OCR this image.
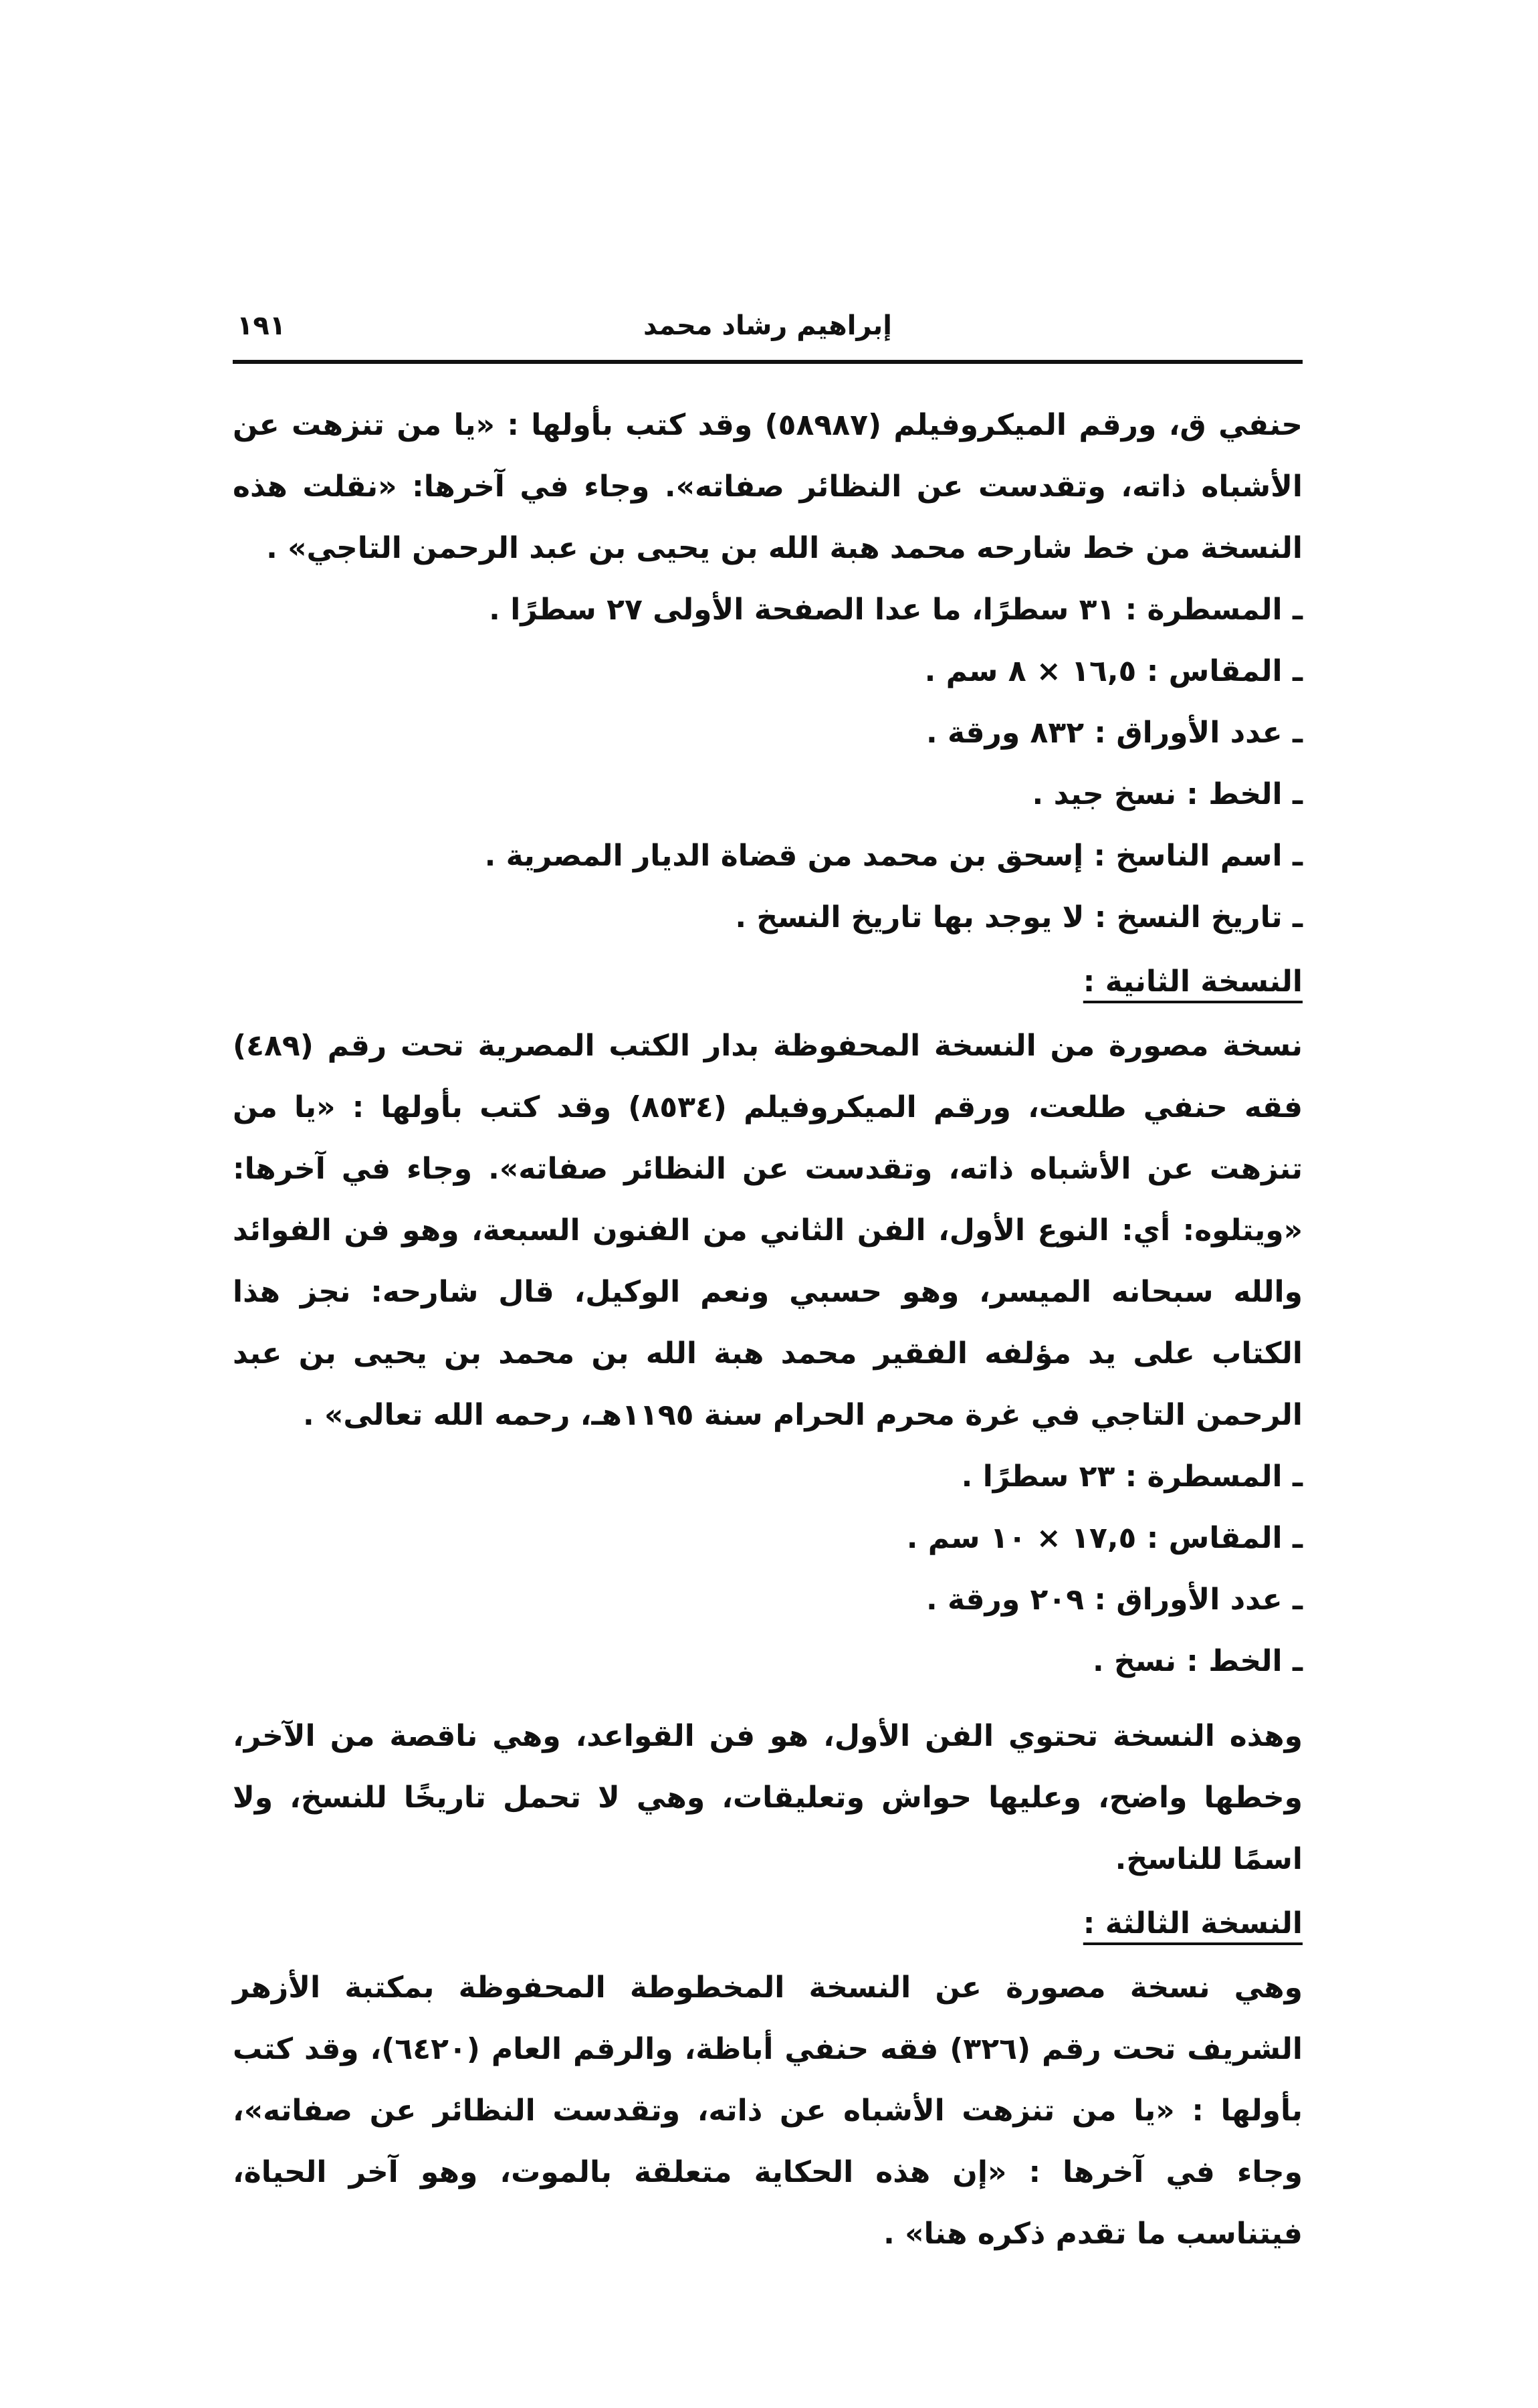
١٩١	إبراهيم رشاد محمد

حنفي ق، ورقم الميكروفيلم (٥٨٩٨٧) وقد كتب بأولها : «يا من تنزهت عن الأشباه ذاته، وتقدست عن النظائر صفاته». وجاء في آخرها: «نقلت هذه النسخة من خط شارحه محمد هبة الله بن يحيى بن عبد الرحمن التاجي» .

ـ المسطرة : ٣١ سطرًا، ما عدا الصفحة الأولى ٢٧ سطرًا .
ـ المقاس : ١٦,٥ × ٨ سم .
ـ عدد الأوراق : ٨٣٢ ورقة .
ـ الخط : نسخ جيد .
ـ اسم الناسخ : إسحق بن محمد من قضاة الديار المصرية .
ـ تاريخ النسخ : لا يوجد بها تاريخ النسخ .
النسخة الثانية :

نسخة مصورة من النسخة المحفوظة بدار الكتب المصرية تحت رقم (٤٨٩) فقه حنفي طلعت، ورقم الميكروفيلم (٨٥٣٤) وقد كتب بأولها : «يا من تنزهت عن الأشباه ذاته، وتقدست عن النظائر صفاته». وجاء في آخرها: «ويتلوه: أي: النوع الأول، الفن الثاني من الفنون السبعة، وهو فن الفوائد والله سبحانه الميسر، وهو حسبي ونعم الوكيل، قال شارحه: نجز هذا الكتاب على يد مؤلفه الفقير محمد هبة الله بن محمد بن يحيى بن عبد الرحمن التاجي في غرة محرم الحرام سنة ١١٩٥هـ، رحمه الله تعالى» .

ـ المسطرة : ٢٣ سطرًا .
ـ المقاس : ١٧,٥ × ١٠ سم .
ـ عدد الأوراق : ٢٠٩ ورقة .
ـ الخط : نسخ .

وهذه النسخة تحتوي الفن الأول، هو فن القواعد، وهي ناقصة من الآخر، وخطها واضح، وعليها حواش وتعليقات، وهي لا تحمل تاريخًا للنسخ، ولا اسمًا للناسخ.

النسخة الثالثة :

وهي نسخة مصورة عن النسخة المخطوطة المحفوظة بمكتبة الأزهر الشريف تحت رقم (٣٢٦) فقه حنفي أباظة، والرقم العام (٦٤٢٠)، وقد كتب بأولها : «يا من تنزهت الأشباه عن ذاته، وتقدست النظائر عن صفاته»، وجاء في آخرها : «إن هذه الحكاية متعلقة بالموت، وهو آخر الحياة، فيتناسب ما تقدم ذكره هنا» .
